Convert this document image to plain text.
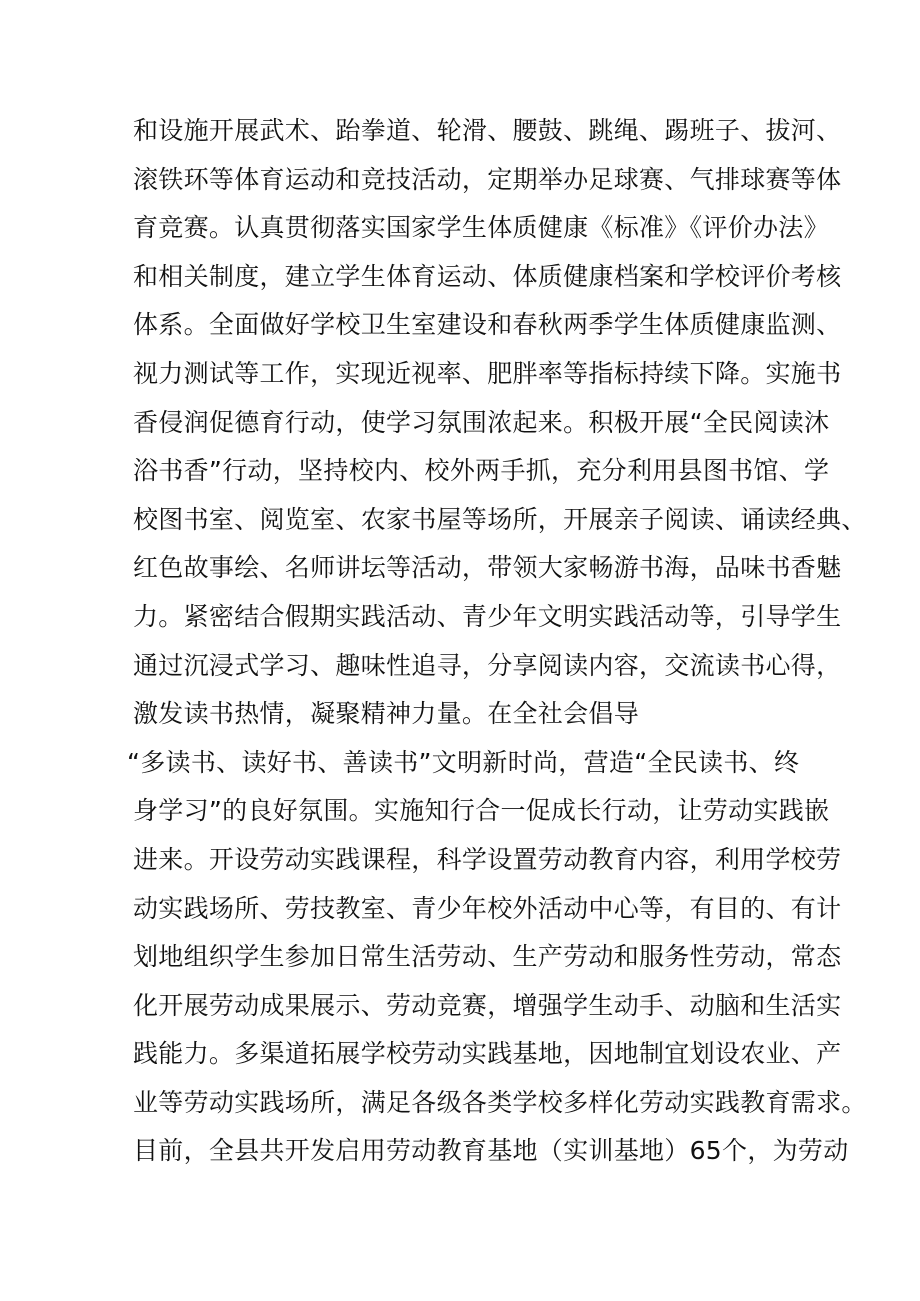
和设施开展武术、跆拳道、轮滑、腰鼓、跳绳、踢班子、拔河、
滚铁环等体育运动和竞技活动，定期举办足球赛、气排球赛等体
育竞赛。认真贯彻落实国家学生体质健康《标准》《评价办法》
和相关制度，建立学生体育运动、体质健康档案和学校评价考核
体系。全面做好学校卫生室建设和春秋两季学生体质健康监测、
视力测试等工作，实现近视率、肥胖率等指标持续下降。实施书
香侵润促德育行动，使学习氛围浓起来。积极开展“全民阅读沐
浴书香”行动，坚持校内、校外两手抓，充分利用县图书馆、学
校图书室、阅览室、农家书屋等场所，开展亲子阅读、诵读经典、
红色故事绘、名师讲坛等活动，带领大家畅游书海，品味书香魅
力。紧密结合假期实践活动、青少年文明实践活动等，引导学生
通过沉浸式学习、趣味性追寻，分享阅读内容，交流读书心得，
激发读书热情，凝聚精神力量。在全社会倡导
“多读书、读好书、善读书”文明新时尚，营造“全民读书、终
身学习”的良好氛围。实施知行合一促成长行动，让劳动实践嵌
进来。开设劳动实践课程，科学设置劳动教育内容，利用学校劳
动实践场所、劳技教室、青少年校外活动中心等，有目的、有计
划地组织学生参加日常生活劳动、生产劳动和服务性劳动，常态
化开展劳动成果展示、劳动竞赛，增强学生动手、动脑和生活实
践能力。多渠道拓展学校劳动实践基地，因地制宜划设农业、产
业等劳动实践场所，满足各级各类学校多样化劳动实践教育需求。
目前，全县共开发启用劳动教育基地（实训基地）65个，为劳动
